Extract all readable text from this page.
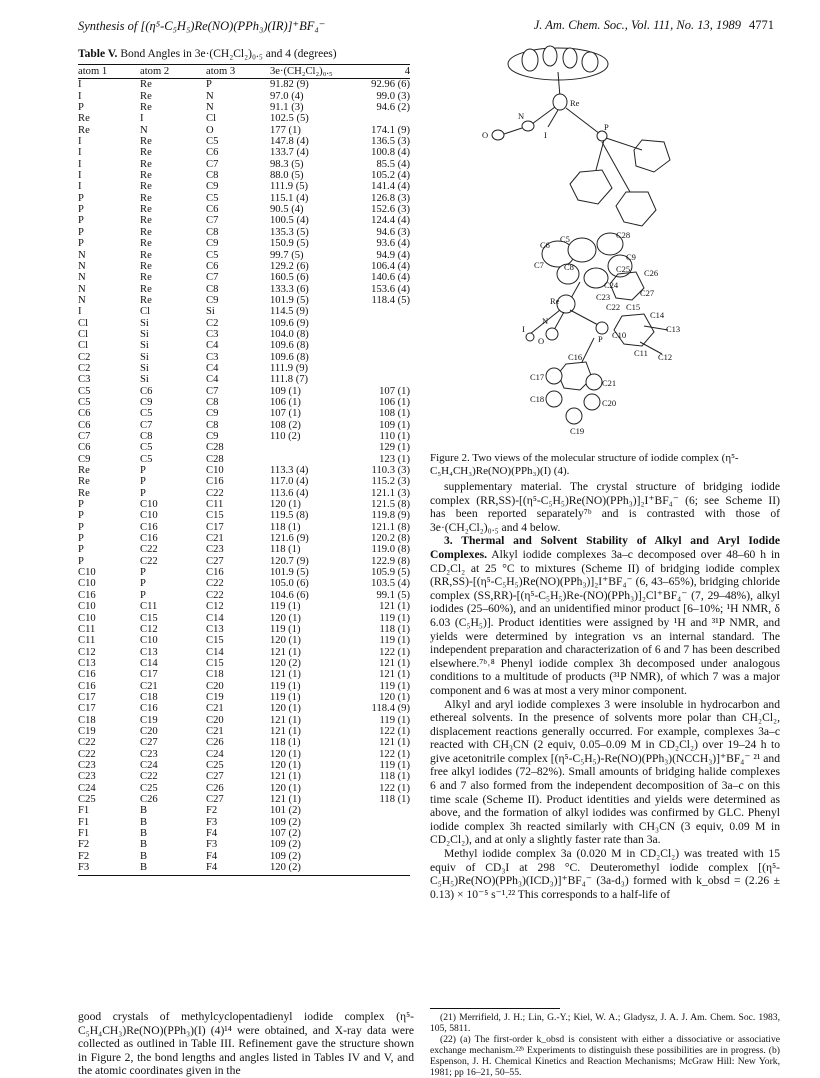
Synthesis of [(η⁵-C₅H₅)Re(NO)(PPh₃)(IR)]⁺BF₄⁻	J. Am. Chem. Soc., Vol. 111, No. 13, 1989 4771
Table V. Bond Angles in 3e·(CH₂Cl₂)₀.₅ and 4 (degrees)
atom 1	atom 2	atom 3	3e·(CH₂Cl₂)₀.₅	4
I	Re	P	91.82 (9)	92.96 (6)
I	Re	N	97.0 (4)	99.0 (3)
P	Re	N	91.1 (3)	94.6 (2)
Re	I	Cl	102.5 (5)	
Re	N	O	177 (1)	174.1 (9)
I	Re	C5	147.8 (4)	136.5 (3)
I	Re	C6	133.7 (4)	100.8 (4)
I	Re	C7	98.3 (5)	85.5 (4)
I	Re	C8	88.0 (5)	105.2 (4)
I	Re	C9	111.9 (5)	141.4 (4)
P	Re	C5	115.1 (4)	126.8 (3)
P	Re	C6	90.5 (4)	152.6 (3)
P	Re	C7	100.5 (4)	124.4 (4)
P	Re	C8	135.3 (5)	94.6 (3)
P	Re	C9	150.9 (5)	93.6 (4)
N	Re	C5	99.7 (5)	94.9 (4)
N	Re	C6	129.2 (6)	106.4 (4)
N	Re	C7	160.5 (6)	140.6 (4)
N	Re	C8	133.3 (6)	153.6 (4)
N	Re	C9	101.9 (5)	118.4 (5)
I	Cl	Si	114.5 (9)	
Cl	Si	C2	109.6 (9)	
Cl	Si	C3	104.0 (8)	
Cl	Si	C4	109.6 (8)	
C2	Si	C3	109.6 (8)	
C2	Si	C4	111.9 (9)	
C3	Si	C4	111.8 (7)	
C5	C6	C7	109 (1)	107 (1)
C5	C9	C8	106 (1)	106 (1)
C6	C5	C9	107 (1)	108 (1)
C6	C7	C8	108 (2)	109 (1)
C7	C8	C9	110 (2)	110 (1)
C6	C5	C28		129 (1)
C9	C5	C28		123 (1)
Re	P	C10	113.3 (4)	110.3 (3)
Re	P	C16	117.0 (4)	115.2 (3)
Re	P	C22	113.6 (4)	121.1 (3)
P	C10	C11	120 (1)	121.5 (8)
P	C10	C15	119.5 (8)	119.8 (9)
P	C16	C17	118 (1)	121.1 (8)
P	C16	C21	121.6 (9)	120.2 (8)
P	C22	C23	118 (1)	119.0 (8)
P	C22	C27	120.7 (9)	122.9 (8)
C10	P	C16	101.9 (5)	105.9 (5)
C10	P	C22	105.0 (6)	103.5 (4)
C16	P	C22	104.6 (6)	99.1 (5)
C10	C11	C12	119 (1)	121 (1)
C10	C15	C14	120 (1)	119 (1)
C11	C12	C13	119 (1)	118 (1)
C11	C10	C15	120 (1)	119 (1)
C12	C13	C14	121 (1)	122 (1)
C13	C14	C15	120 (2)	121 (1)
C16	C17	C18	121 (1)	121 (1)
C16	C21	C20	119 (1)	119 (1)
C17	C18	C19	119 (1)	120 (1)
C17	C16	C21	120 (1)	118.4 (9)
C18	C19	C20	121 (1)	119 (1)
C19	C20	C21	121 (1)	122 (1)
C22	C27	C26	118 (1)	121 (1)
C22	C23	C24	120 (1)	122 (1)
C23	C24	C25	120 (1)	119 (1)
C23	C22	C27	121 (1)	118 (1)
C24	C25	C26	120 (1)	122 (1)
C25	C26	C27	121 (1)	118 (1)
F1	B	F2	101 (2)	
F1	B	F3	109 (2)	
F1	B	F4	107 (2)	
F2	B	F3	109 (2)	
F2	B	F4	109 (2)	
F3	B	F4	120 (2)	
good crystals of methylcyclopentadienyl iodide complex (η⁵-C₅H₄CH₃)Re(NO)(PPh₃)(I) (4)¹⁴ were obtained, and X-ray data were collected as outlined in Table III. Refinement gave the structure shown in Figure 2, the bond lengths and angles listed in Tables IV and V, and the atomic coordinates given in the
Re
N
O	I
P
C6
C5	C28
C9
C7 C8	C25 C26
C24
C27
C23
Re
C22 C15
C14
I
N
O	P C10
C13
C11 C12
C16
C17
C21
C18	C20
C19
Figure 2. Two views of the molecular structure of iodide complex (η⁵-C₅H₄CH₃)Re(NO)(PPh₃)(I) (4).

supplementary material. The crystal structure of bridging iodide complex (RR,SS)-[(η⁵-C₅H₅)Re(NO)(PPh₃)]₂I⁺BF₄⁻ (6; see Scheme II) has been reported separately⁷ᵇ and is contrasted with those of 3e·(CH₂Cl₂)₀.₅ and 4 below.

3. Thermal and Solvent Stability of Alkyl and Aryl Iodide Complexes. Alkyl iodide complexes 3a–c decomposed over 48–60 h in CD₂Cl₂ at 25 °C to mixtures (Scheme II) of bridging iodide complex (RR,SS)-[(η⁵-C₅H₅)Re(NO)(PPh₃)]₂I⁺BF₄⁻ (6, 43–65%), bridging chloride complex (SS,RR)-[(η⁵-C₅H₅)Re-(NO)(PPh₃)]₂Cl⁺BF₄⁻ (7, 29–48%), alkyl iodides (25–60%), and an unidentified minor product [6–10%; ¹H NMR, δ 6.03 (C₅H₅)]. Product identities were assigned by ¹H and ³¹P NMR, and yields were determined by integration vs an internal standard. The independent preparation and characterization of 6 and 7 has been described elsewhere.⁷ᵇ˒⁸ Phenyl iodide complex 3h decomposed under analogous conditions to a multitude of products (³¹P NMR), of which 7 was a major component and 6 was at most a very minor component.

Alkyl and aryl iodide complexes 3 were insoluble in hydrocarbon and ethereal solvents. In the presence of solvents more polar than CH₂Cl₂, displacement reactions generally occurred. For example, complexes 3a–c reacted with CH₃CN (2 equiv, 0.05–0.09 M in CD₂Cl₂) over 19–24 h to give acetonitrile complex [(η⁵-C₅H₅)-Re(NO)(PPh₃)(NCCH₃)]⁺BF₄⁻ ²¹ and free alkyl iodides (72–82%). Small amounts of bridging halide complexes 6 and 7 also formed from the independent decomposition of 3a–c on this time scale (Scheme II). Product identities and yields were determined as above, and the formation of alkyl iodides was confirmed by GLC. Phenyl iodide complex 3h reacted similarly with CH₃CN (3 equiv, 0.09 M in CD₂Cl₂), and at only a slightly faster rate than 3a.

Methyl iodide complex 3a (0.020 M in CD₂Cl₂) was treated with 15 equiv of CD₃I at 298 °C. Deuteromethyl iodide complex [(η⁵-C₅H₅)Re(NO)(PPh₃)(ICD₃)]⁺BF₄⁻ (3a-d₃) formed with k_obsd = (2.26 ± 0.13) × 10⁻⁵ s⁻¹.²² This corresponds to a half-life of

(21) Merrifield, J. H.; Lin, G.-Y.; Kiel, W. A.; Gladysz, J. A. J. Am. Chem. Soc. 1983, 105, 5811.

(22) (a) The first-order k_obsd is consistent with either a dissociative or associative exchange mechanism.²²ᵇ Experiments to distinguish these possibilities are in progress. (b) Espenson, J. H. Chemical Kinetics and Reaction Mechanisms; McGraw Hill: New York, 1981; pp 16–21, 50–55.
